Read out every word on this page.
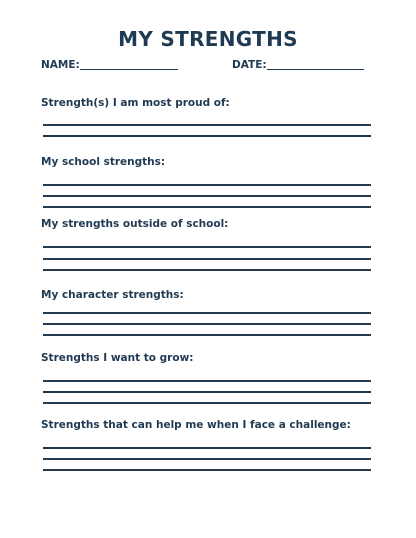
MY STRENGTHS
NAME:	DATE:
Strength(s) I am most proud of:
My school strengths:
My strengths outside of school:
My character strengths:
Strengths I want to grow:
Strengths that can help me when I face a challenge:
